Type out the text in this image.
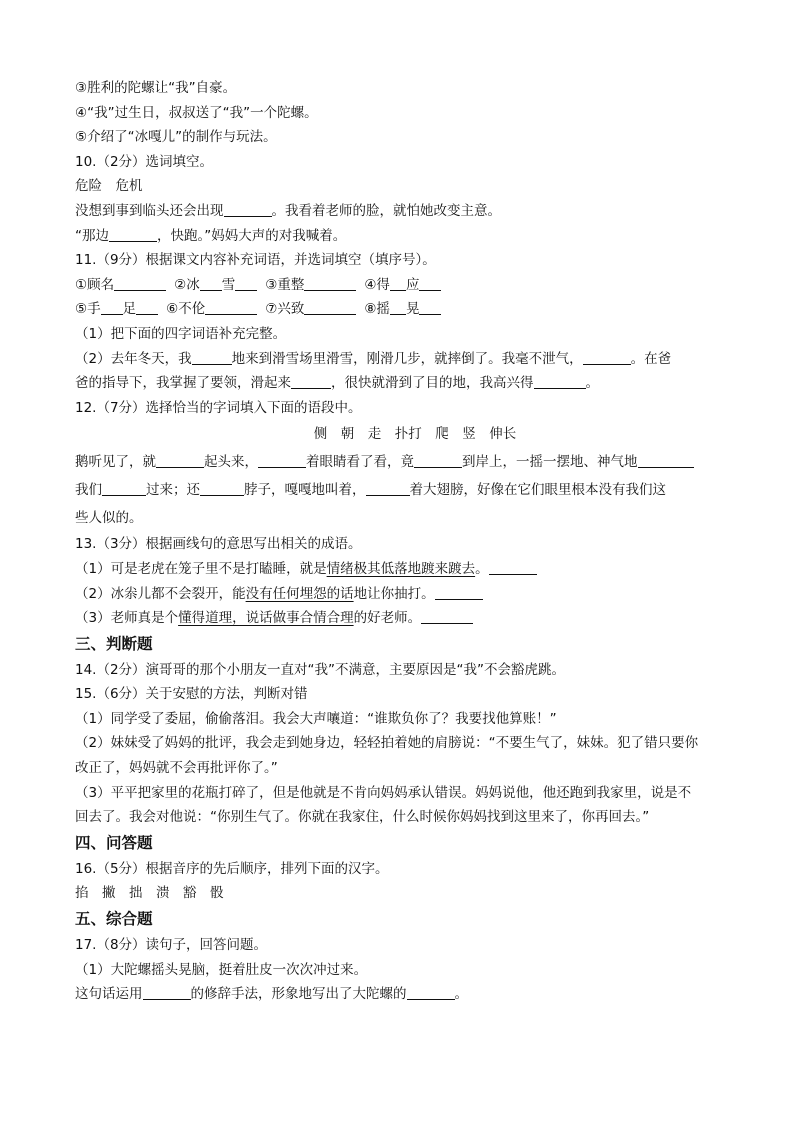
③胜利的陀螺让“我”自豪。
④“我”过生日，叔叔送了“我”一个陀螺。
⑤介绍了“冰嘎儿”的制作与玩法。
10.（2分）选词填空。
危险　危机
没想到事到临头还会出现	。我看着老师的脸，就怕她改变主意。
“那边	，快跑。”妈妈大声的对我喊着。
11.（9分）根据课文内容补充词语，并选词填空（填序号）。
①顾名	②冰 雪 ③重整	④得 应
⑤手 足 ⑥不伦	⑦兴致	⑧摇 晃
（1）把下面的四字词语补充完整。
（2）去年冬天，我	地来到滑雪场里滑雪，刚滑几步，就摔倒了。我毫不泄气，	。在爸
爸的指导下，我掌握了要领，滑起来	，很快就滑到了目的地，我高兴得	。
12.（7分）选择恰当的字词填入下面的语段中。
侧　朝　走　扑打　爬　竖　伸长
鹅听见了，就	起头来，	着眼睛看了看，竟	到岸上，一摇一摆地、神气地
我们	过来；还	脖子，嘎嘎地叫着，	着大翅膀，好像在它们眼里根本没有我们这
些人似的。
13.（3分）根据画线句的意思写出相关的成语。
（1）可是老虎在笼子里不是打瞌睡，就是情绪极其低落地踱来踱去。
（2）冰尜儿都不会裂开，能没有任何埋怨的话地让你抽打。
（3）老师真是个懂得道理，说话做事合情合理的好老师。
三、判断题
14.（2分）演哥哥的那个小朋友一直对“我”不满意，主要原因是“我”不会豁虎跳。
15.（6分）关于安慰的方法，判断对错
（1）同学受了委屈，偷偷落泪。我会大声嚷道：“谁欺负你了？我要找他算账！”
（2）妹妹受了妈妈的批评，我会走到她身边，轻轻拍着她的肩膀说：“不要生气了，妹妹。犯了错只要你
改正了，妈妈就不会再批评你了。”
（3）平平把家里的花瓶打碎了，但是他就是不肯向妈妈承认错误。妈妈说他，他还跑到我家里，说是不
回去了。我会对他说：“你别生气了。你就在我家住，什么时候你妈妈找到这里来了，你再回去。”
四、问答题
16.（5分）根据音序的先后顺序，排列下面的汉字。
掐　撇　拙　溃　豁　骰
五、综合题
17.（8分）读句子，回答问题。
（1）大陀螺摇头晃脑，挺着肚皮一次次冲过来。
这句话运用	的修辞手法，形象地写出了大陀螺的	。
